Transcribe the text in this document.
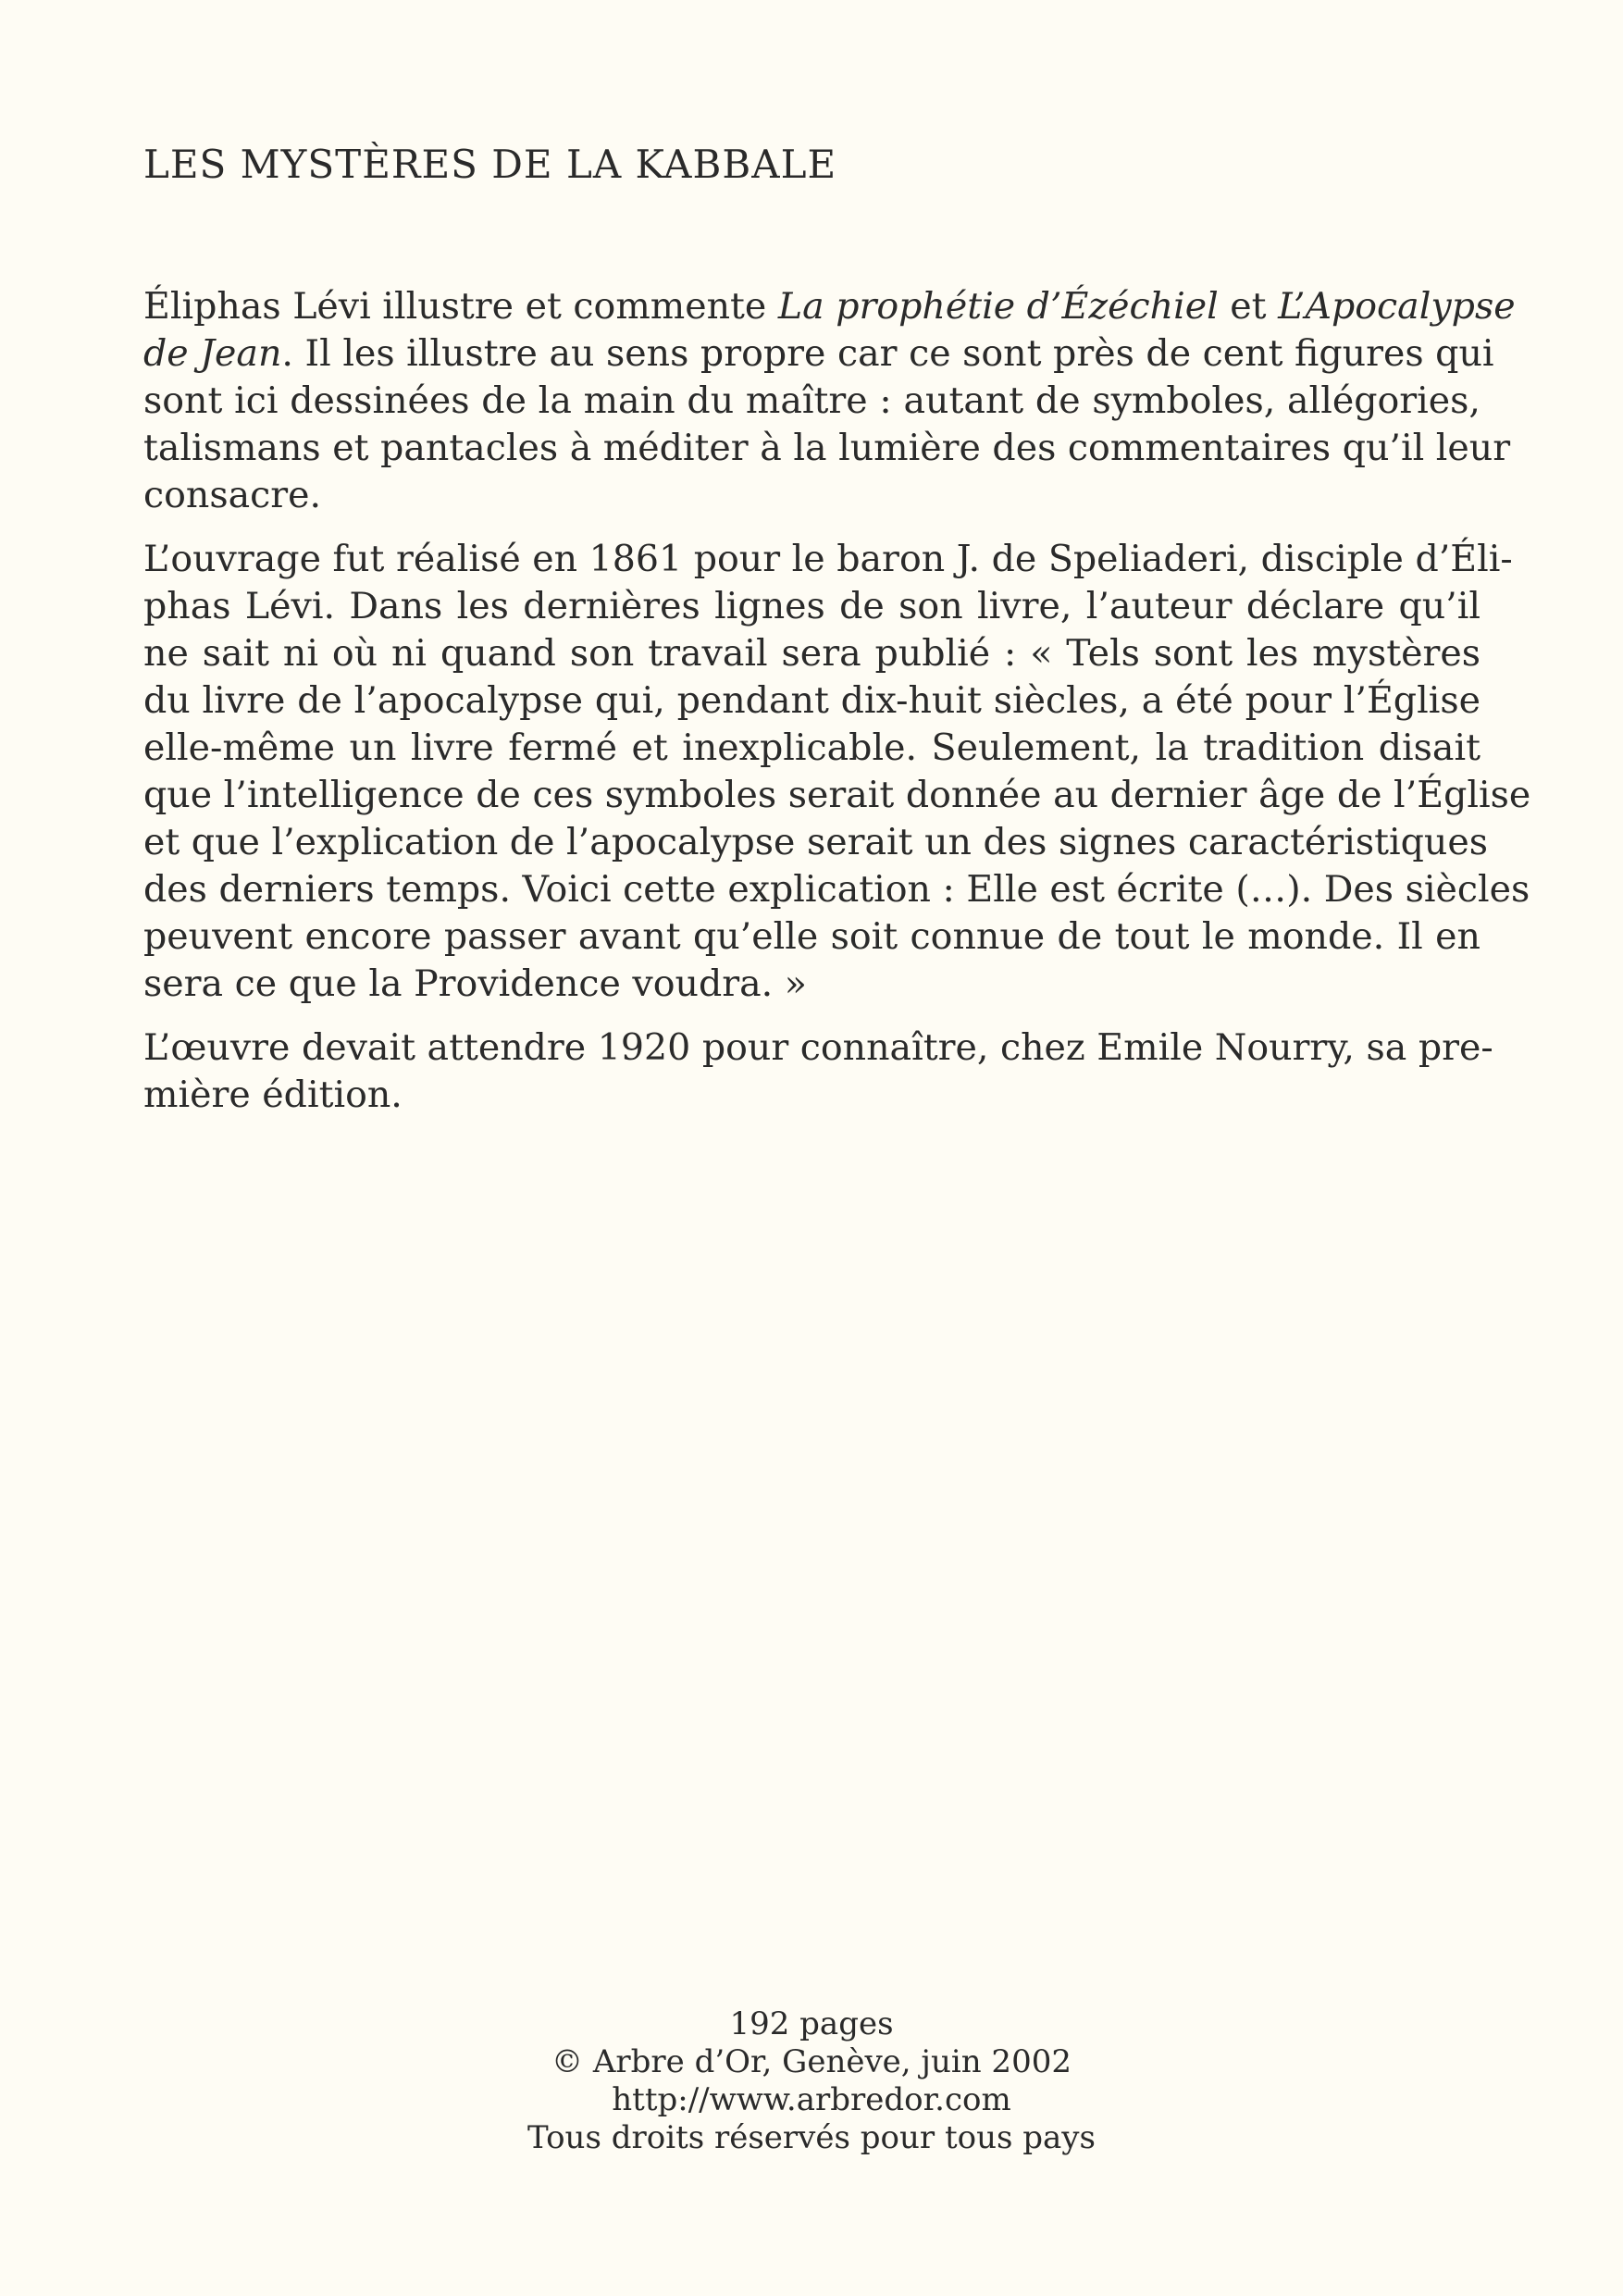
LES MYSTÈRES DE LA KABBALE

Éliphas Lévi illustre et commente La prophétie d’Ézéchiel et L’Apocalypse
de Jean. Il les illustre au sens propre car ce sont près de cent figures qui
sont ici dessinées de la main du maître : autant de symboles, allégories,
talismans et pantacles à méditer à la lumière des commentaires qu’il leur
consacre.

L’ouvrage fut réalisé en 1861 pour le baron J. de Speliaderi, disciple d’Éli-
phas Lévi. Dans les dernières lignes de son livre, l’auteur déclare qu’il
ne sait ni où ni quand son travail sera publié : « Tels sont les mystères
du livre de l’apocalypse qui, pendant dix-huit siècles, a été pour l’Église
elle-même un livre fermé et inexplicable. Seulement, la tradition disait
que l’intelligence de ces symboles serait donnée au dernier âge de l’Église
et que l’explication de l’apocalypse serait un des signes caractéristiques
des derniers temps. Voici cette explication : Elle est écrite (…). Des siècles
peuvent encore passer avant qu’elle soit connue de tout le monde. Il en
sera ce que la Providence voudra. »

L’œuvre devait attendre 1920 pour connaître, chez Emile Nourry, sa pre-
mière édition.

192 pages
© Arbre d’Or, Genève, juin 2002
http://www.arbredor.com
Tous droits réservés pour tous pays
